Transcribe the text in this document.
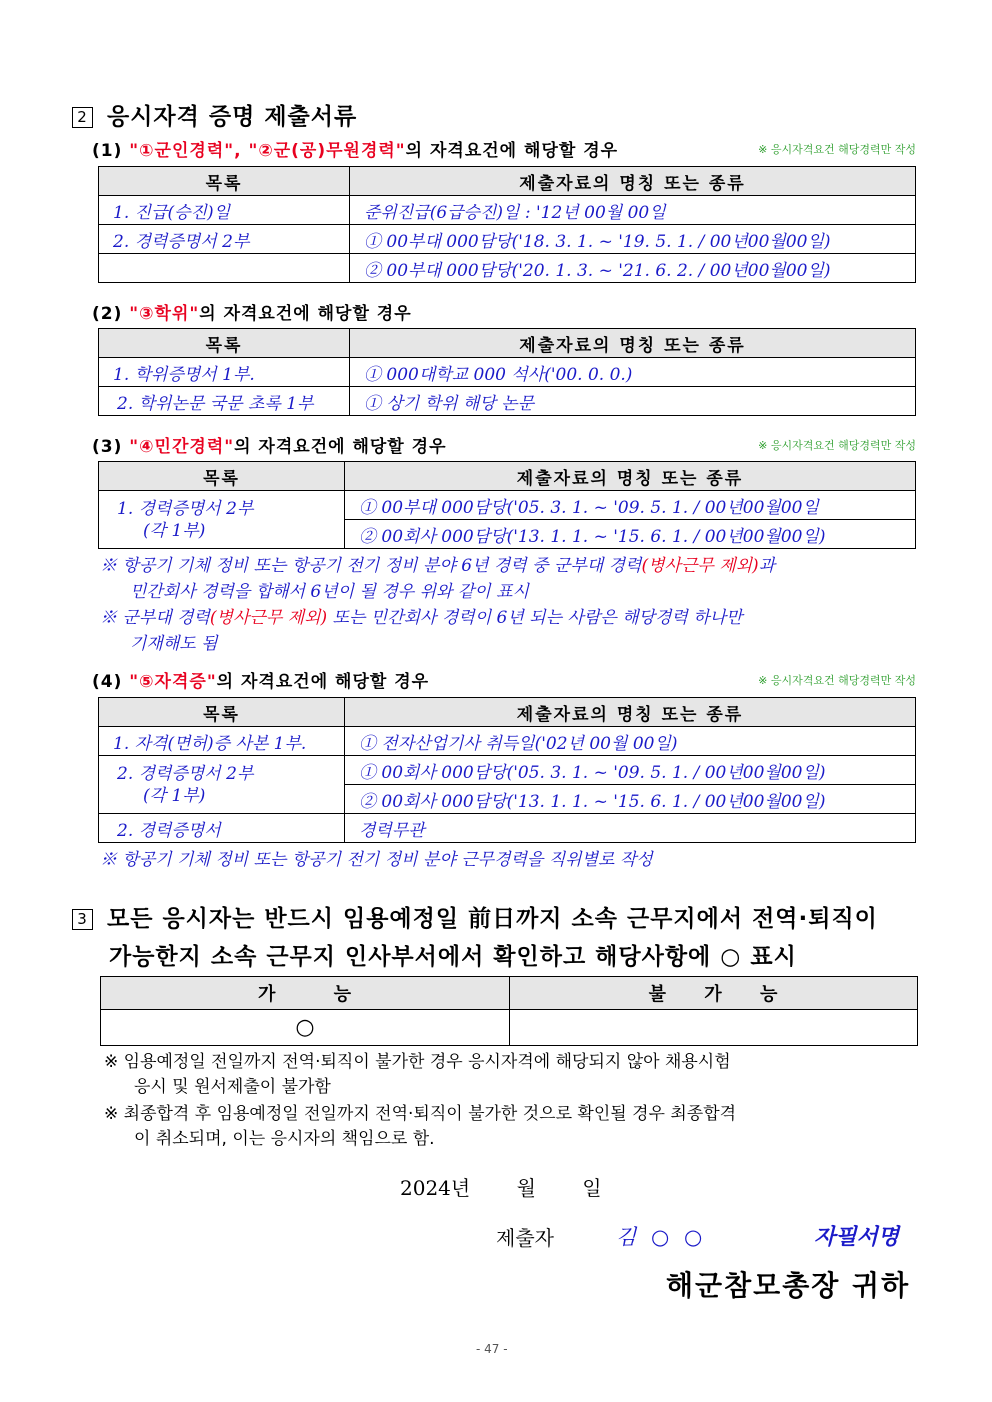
2 응시자격 증명 제출서류
(1) "①군인경력", "②군(공)무원경력"의 자격요건에 해당할 경우	※ 응시자격요건 해당경력만 작성
목록	제출자료의 명칭 또는 종류
1. 진급(승진)일	준위진급(6급승진)일 : '12년 00월 00일
2. 경력증명서 2부	① 00부대 000담당('18. 3. 1. ~ '19. 5. 1. / 00년00월00일)
	② 00부대 000담당('20. 1. 3. ~ '21. 6. 2. / 00년00월00일)
(2) "③학위"의 자격요건에 해당할 경우
목록	제출자료의 명칭 또는 종류
1. 학위증명서 1부.	① 000대학교 000 석사('00. 0. 0.)
2. 학위논문 국문 초록 1부	① 상기 학위 해당 논문
(3) "④민간경력"의 자격요건에 해당할 경우	※ 응시자격요건 해당경력만 작성
목록	제출자료의 명칭 또는 종류

1. 경력증명서 2부
(각 1부)	① 00부대 000담당('05. 3. 1. ~ '09. 5. 1. / 00년00월00일
	② 00회사 000담당('13. 1. 1. ~ '15. 6. 1. / 00년00월00일)
※ 항공기 기체 정비 또는 항공기 전기 정비 분야 6년 경력 중 군부대 경력(병사근무 제외)과
민간회사 경력을 합해서 6년이 될 경우 위와 같이 표시
※ 군부대 경력(병사근무 제외) 또는 민간회사 경력이 6년 되는 사람은 해당경력 하나만
기재해도 됨
(4) "⑤자격증"의 자격요건에 해당할 경우	※ 응시자격요건 해당경력만 작성
목록	제출자료의 명칭 또는 종류
1. 자격(면허)증 사본 1부.	① 전자산업기사 취득일('02년 00월 00일)

2. 경력증명서 2부
(각 1부)	① 00회사 000담당('05. 3. 1. ~ '09. 5. 1. / 00년00월00일)
	② 00회사 000담당('13. 1. 1. ~ '15. 6. 1. / 00년00월00일)
2. 경력증명서	경력무관
※ 항공기 기체 정비 또는 항공기 전기 정비 분야 근무경력을 직위별로 작성
3 모든 응시자는 반드시 임용예정일 前日까지 소속 근무지에서 전역·퇴직이
가능한지 소속 근무지 인사부서에서 확인하고 해당사항에 ○ 표시
가 능	불 가 능
○	
※ 임용예정일 전일까지 전역·퇴직이 불가한 경우 응시자격에 해당되지 않아 채용시험
응시 및 원서제출이 불가함
※ 최종합격 후 임용예정일 전일까지 전역·퇴직이 불가한 것으로 확인될 경우 최종합격
이 취소되며, 이는 응시자의 책임으로 함.
2024년 월 일
제출자	김 ○ ○	자필서명
해군참모총장 귀하
- 47 -
